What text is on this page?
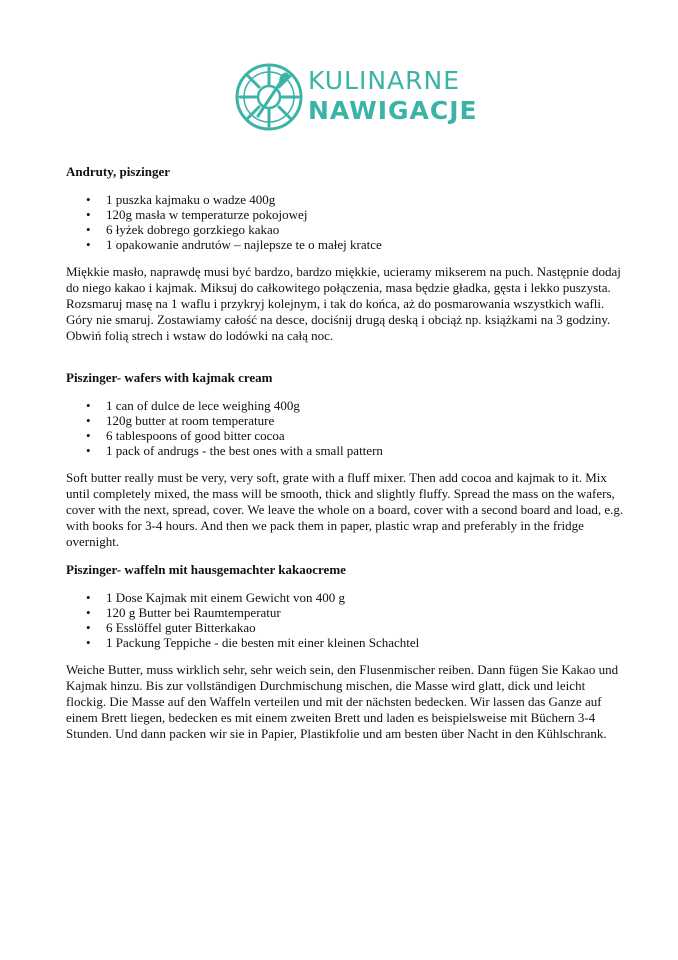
KULINARNE
NAWIGACJE
Andruty, piszinger
• 1 puszka kajmaku o wadze 400g
• 120g masła w temperaturze pokojowej
• 6 łyżek dobrego gorzkiego kakao
• 1 opakowanie andrutów – najlepsze te o małej kratce

Miękkie masło, naprawdę musi być bardzo, bardzo miękkie, ucieramy mikserem na puch. Następnie dodaj do niego kakao i kajmak. Miksuj do całkowitego połączenia, masa będzie gładka, gęsta i lekko puszysta. Rozsmaruj masę na 1 waflu i przykryj kolejnym, i tak do końca, aż do posmarowania wszystkich wafli. Góry nie smaruj. Zostawiamy całość na desce, dociśnij drugą deską i obciąż np. książkami na 3 godziny. Obwiń folią strech i wstaw do lodówki na całą noc.

Piszinger- wafers with kajmak cream
• 1 can of dulce de lece weighing 400g
• 120g butter at room temperature
• 6 tablespoons of good bitter cocoa
• 1 pack of andrugs - the best ones with a small pattern

Soft butter really must be very, very soft, grate with a fluff mixer. Then add cocoa and kajmak to it. Mix until completely mixed, the mass will be smooth, thick and slightly fluffy. Spread the mass on the wafers, cover with the next, spread, cover. We leave the whole on a board, cover with a second board and load, e.g. with books for 3-4 hours. And then we pack them in paper, plastic wrap and preferably in the fridge overnight.

Piszinger- waffeln mit hausgemachter kakaocreme
• 1 Dose Kajmak mit einem Gewicht von 400 g
• 120 g Butter bei Raumtemperatur
• 6 Esslöffel guter Bitterkakao
• 1 Packung Teppiche - die besten mit einer kleinen Schachtel

Weiche Butter, muss wirklich sehr, sehr weich sein, den Flusenmischer reiben. Dann fügen Sie Kakao und Kajmak hinzu. Bis zur vollständigen Durchmischung mischen, die Masse wird glatt, dick und leicht flockig. Die Masse auf den Waffeln verteilen und mit der nächsten bedecken. Wir lassen das Ganze auf einem Brett liegen, bedecken es mit einem zweiten Brett und laden es beispielsweise mit Büchern 3-4 Stunden. Und dann packen wir sie in Papier, Plastikfolie und am besten über Nacht in den Kühlschrank.
